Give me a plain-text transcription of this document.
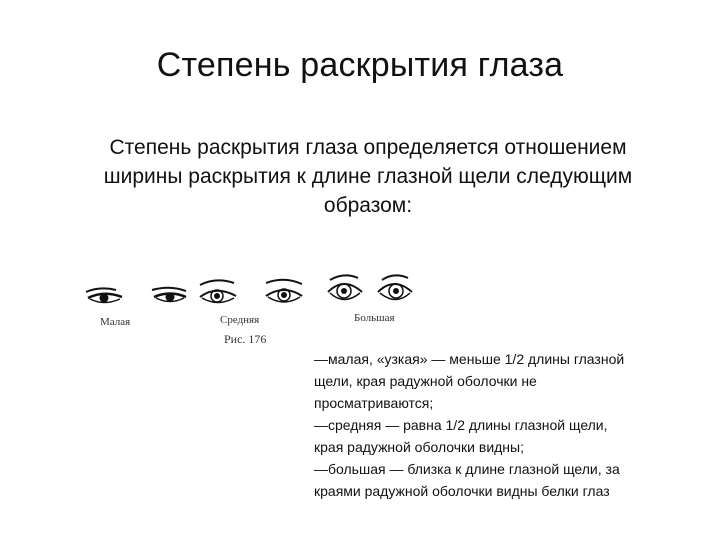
Степень раскрытия глаза
Степень раскрытия глаза определяется отношением
ширины раскрытия к длине глазной щели следующим
образом:
Малая	Средняя	Большая
Рис. 176
—малая, «узкая» — меньше 1/2 длины глазной
щели, края радужной оболочки не
просматриваются;
—средняя — равна 1/2 длины глазной щели,
края радужной оболочки видны;
—большая — близка к длине глазной щели, за
краями радужной оболочки видны белки глаз
